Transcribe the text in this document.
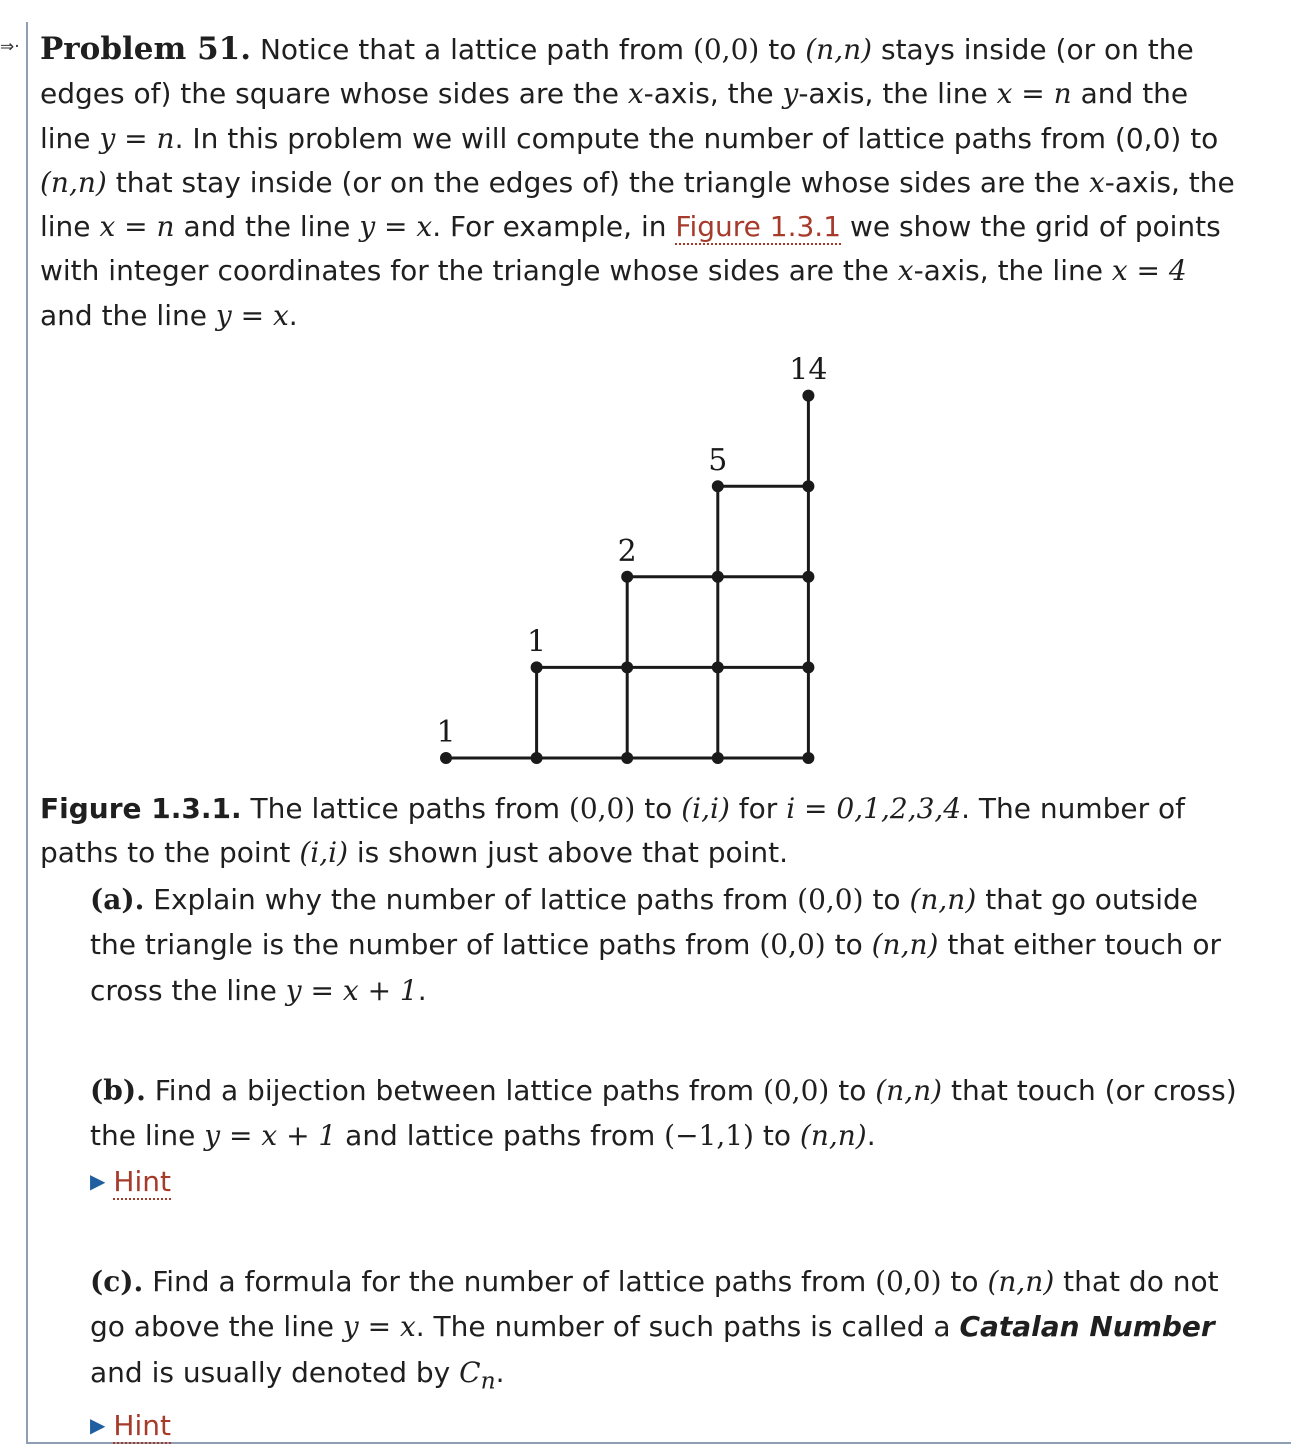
⇒· Problem 51. Notice that a lattice path from (0,0) to (n,n) stays inside (or on the edges of) the square whose sides are the x-axis, the y-axis, the line x = n and the line y = n. In this problem we will compute the number of lattice paths from (0,0) to (n,n) that stay inside (or on the edges of) the triangle whose sides are the x-axis, the line x = n and the line y = x. For example, in Figure 1.3.1 we show the grid of points with integer coordinates for the triangle whose sides are the x-axis, the line x = 4 and the line y = x.
1
1
2
5
14
Figure 1.3.1. The lattice paths from (0,0) to (i,i) for i = 0,1,2,3,4. The number of paths to the point (i,i) is shown just above that point.
(a). Explain why the number of lattice paths from (0,0) to (n,n) that go outside the triangle is the number of lattice paths from (0,0) to (n,n) that either touch or cross the line y = x + 1.
(b). Find a bijection between lattice paths from (0,0) to (n,n) that touch (or cross) the line y = x + 1 and lattice paths from (−1,1) to (n,n).
▶ Hint
(c). Find a formula for the number of lattice paths from (0,0) to (n,n) that do not go above the line y = x. The number of such paths is called a Catalan Number and is usually denoted by $C_n$.
▶ Hint
